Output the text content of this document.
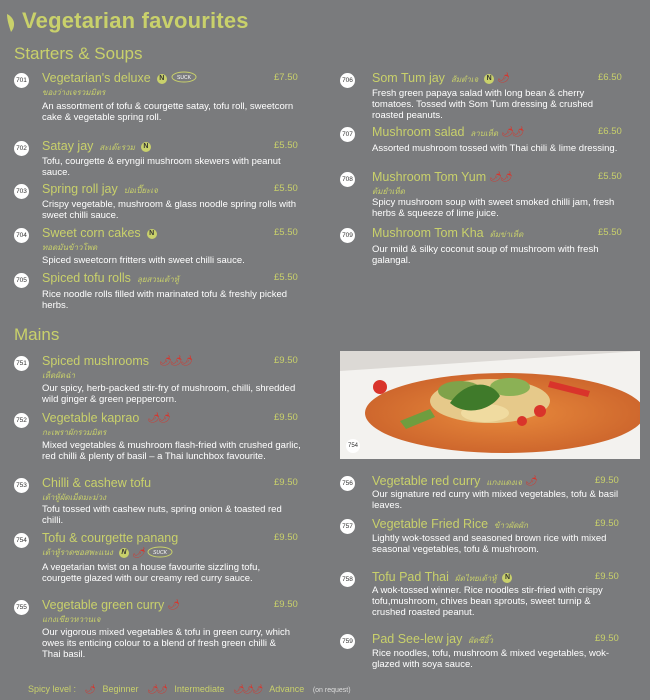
Vegetarian favourites
Starters & Soups
Mains
701 Vegetarian's deluxe N	SUCK
ของว่างเจรวมมิตร
£7.50
An assortment of tofu & courgette satay, tofu roll, sweetcorn cake & vegetable spring roll.
702 Satay jay สะเต๊ะรวม N	£5.50
Tofu, courgette & eryngii mushroom skewers with peanut sauce.
703 Spring roll jay ปอเปี๊ยะเจ	£5.50
Crispy vegetable, mushroom & glass noodle spring rolls with sweet chilli sauce.
704 Sweet corn cakes N
ทอดมันข้าวโพด
£5.50
Spiced sweetcorn fritters with sweet chilli sauce.
705 Spiced tofu rolls ลุยสวนเต้าหู้	£5.50
Rice noodle rolls filled with marinated tofu & freshly picked herbs.
706 Som Tum jay ส้มตำเจ N 🌶	£6.50
Fresh green papaya salad with long bean & cherry tomatoes. Tossed with Som Tum dressing & crushed roasted peanuts.
707 Mushroom salad ลาบเห็ด 🌶🌶	£6.50
Assorted mushroom tossed with Thai chili & lime dressing.
708 Mushroom Tom Yum 🌶🌶
ต้มยำเห็ด
£5.50
Spicy mushroom soup with sweet smoked chilli jam, fresh herbs & squeeze of lime juice.
709 Mushroom Tom Kha ต้มข่าเห็ด	£5.50
Our mild & silky coconut soup of mushroom with fresh galangal.
751 Spiced mushrooms 🌶🌶🌶
เห็ดผัดฉ่า
£9.50
Our spicy, herb-packed stir-fry of mushroom, chilli, shredded wild ginger & green peppercorn.
752 Vegetable kaprao 🌶🌶
กะเพราผักรวมมิตร
£9.50
Mixed vegetables & mushroom flash-fried with crushed garlic, red chilli & plenty of basil – a Thai lunchbox favourite.
753 Chilli & cashew tofu
เต้าหู้ผัดเม็ดมะม่วง
£9.50
Tofu tossed with cashew nuts, spring onion & toasted red chilli.
754 Tofu & courgette panang
เต้าหู้ราดซอสพะแนง N 🌶 SUCK
£9.50
A vegetarian twist on a house favourite sizzling tofu, courgette glazed with our creamy red curry sauce.
755 Vegetable green curry 🌶
แกงเขียวหวานเจ
£9.50
Our vigorous mixed vegetables & tofu in green curry, which owes its enticing colour to a blend of fresh green chilli & Thai basil.
754
756 Vegetable red curry แกงแดงเจ 🌶	£9.50
Our signature red curry with mixed vegetables, tofu & basil leaves.
757 Vegetable Fried Rice ข้าวผัดผัก	£9.50
Lightly wok-tossed and seasoned brown rice with mixed seasonal vegetables, tofu & mushroom.
758 Tofu Pad Thai ผัดไทยเต้าหู้ N	£9.50
A wok-tossed winner. Rice noodles stir-fried with crispy tofu,mushroom, chives bean sprouts, sweet turnip & crushed roasted peanut.
759 Pad See-lew jay ผัดซีอิ๊ว	£9.50
Rice noodles, tofu, mushroom & mixed vegetables, wok-glazed with soya sauce.
Spicy level : 🌶 Beginner 🌶🌶 Intermediate 🌶🌶🌶 Advance (on request)
